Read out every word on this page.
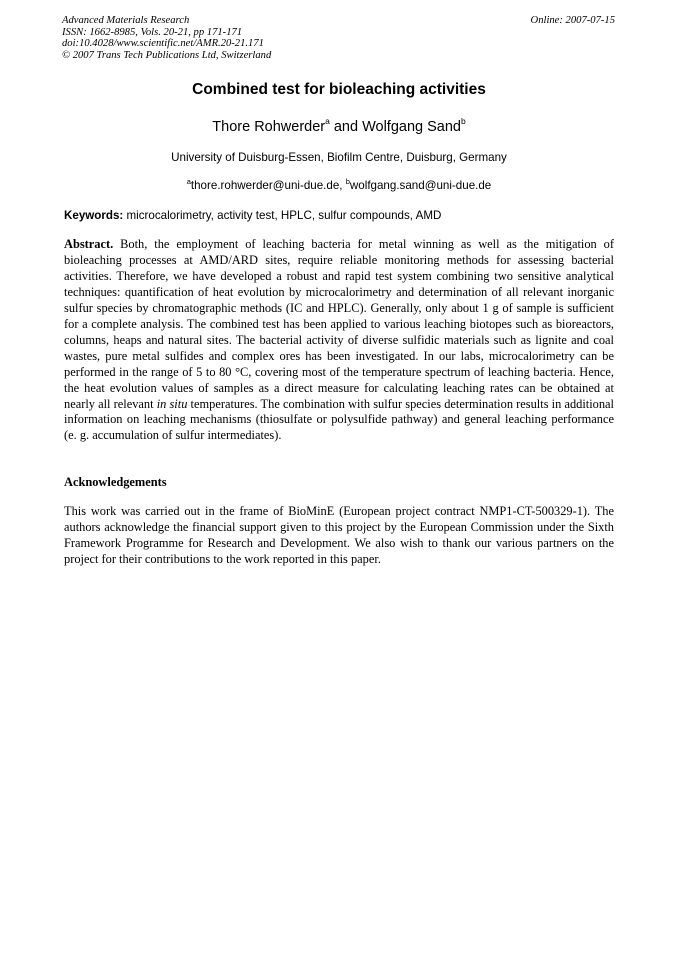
Advanced Materials Research
ISSN: 1662-8985, Vols. 20-21, pp 171-171
doi:10.4028/www.scientific.net/AMR.20-21.171
© 2007 Trans Tech Publications Ltd, Switzerland
Online: 2007-07-15
Combined test for bioleaching activities
Thore Rohwerder$^a$ and Wolfgang Sand$^b$
University of Duisburg-Essen, Biofilm Centre, Duisburg, Germany
$^a$thore.rohwerder@uni-due.de, $^b$wolfgang.sand@uni-due.de
Keywords: microcalorimetry, activity test, HPLC, sulfur compounds, AMD
Abstract. Both, the employment of leaching bacteria for metal winning as well as the mitigation of bioleaching processes at AMD/ARD sites, require reliable monitoring methods for assessing bacterial activities. Therefore, we have developed a robust and rapid test system combining two sensitive analytical techniques: quantification of heat evolution by microcalorimetry and determination of all relevant inorganic sulfur species by chromatographic methods (IC and HPLC). Generally, only about 1 g of sample is sufficient for a complete analysis. The combined test has been applied to various leaching biotopes such as bioreactors, columns, heaps and natural sites. The bacterial activity of diverse sulfidic materials such as lignite and coal wastes, pure metal sulfides and complex ores has been investigated. In our labs, microcalorimetry can be performed in the range of 5 to 80 °C, covering most of the temperature spectrum of leaching bacteria. Hence, the heat evolution values of samples as a direct measure for calculating leaching rates can be obtained at nearly all relevant in situ temperatures. The combination with sulfur species determination results in additional information on leaching mechanisms (thiosulfate or polysulfide pathway) and general leaching performance (e. g. accumulation of sulfur intermediates).
Acknowledgements
This work was carried out in the frame of BioMinE (European project contract NMP1-CT-500329-1). The authors acknowledge the financial support given to this project by the European Commission under the Sixth Framework Programme for Research and Development. We also wish to thank our various partners on the project for their contributions to the work reported in this paper.
